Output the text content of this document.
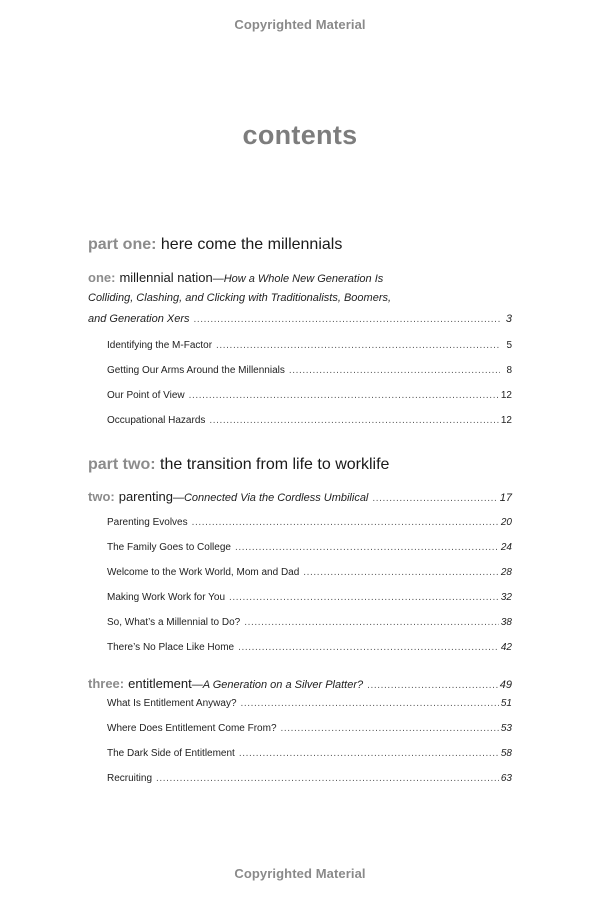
Copyrighted Material
contents
part one: here come the millennials
one: millennial nation —How a Whole New Generation Is
Colliding, Clashing, and Clicking with Traditionalists, Boomers,
and Generation Xers .....	3
Identifying the M-Factor .....	5
Getting Our Arms Around the Millennials .....	8
Our Point of View .....	12
Occupational Hazards .....	12
part two: the transition from life to worklife
two: parenting —Connected Via the Cordless Umbilical .....	17
Parenting Evolves .....	20
The Family Goes to College .....	24
Welcome to the Work World, Mom and Dad .....	28
Making Work Work for You .....	32
So, What’s a Millennial to Do? .....	38
There’s No Place Like Home .....	42
three: entitlement —A Generation on a Silver Platter? .....	49
What Is Entitlement Anyway? .....	51
Where Does Entitlement Come From? .....	53
The Dark Side of Entitlement .....	58
Recruiting .....	63
Copyrighted Material
